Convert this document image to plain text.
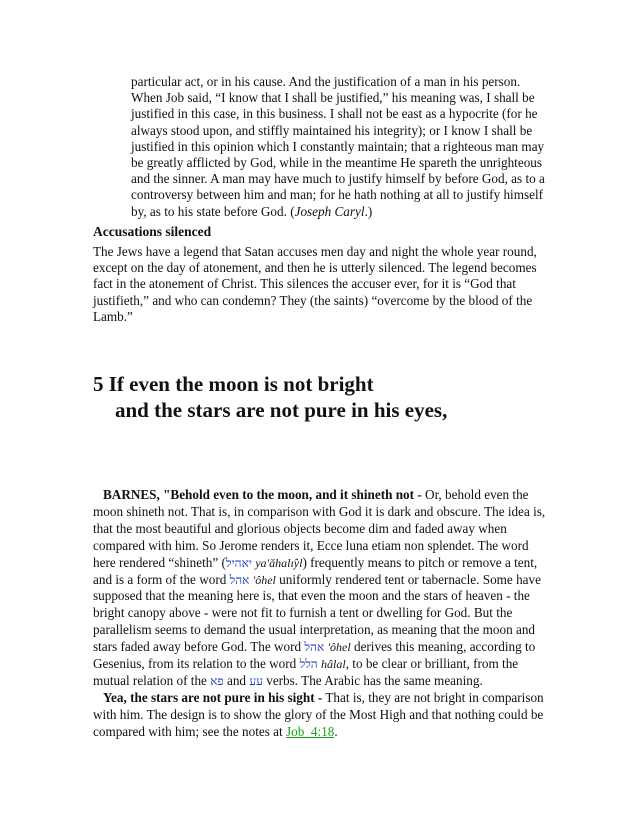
particular act, or in his cause. And the justification of a man in his person. When Job said, “I know that I shall be justified,” his meaning was, I shall be justified in this case, in this business. I shall not be east as a hypocrite (for he always stood upon, and stiffly maintained his integrity); or I know I shall be justified in this opinion which I constantly maintain; that a righteous man may be greatly afflicted by God, while in the meantime He spareth the unrighteous and the sinner. A man may have much to justify himself by before God, as to a controversy between him and man; for he hath nothing at all to justify himself by, as to his state before God. (Joseph Caryl.)
Accusations silenced
The Jews have a legend that Satan accuses men day and night the whole year round, except on the day of atonement, and then he is utterly silenced. The legend becomes fact in the atonement of Christ. This silences the accuser ever, for it is “God that justifieth,” and who can condemn? They (the saints) “overcome by the blood of the Lamb.”
5 If even the moon is not bright
and the stars are not pure in his eyes,

BARNES, "Behold even to the moon, and it shineth not - Or, behold even the moon shineth not. That is, in comparison with God it is dark and obscure. The idea is, that the most beautiful and glorious objects become dim and faded away when compared with him. So Jerome renders it, Ecce luna etiam non splendet. The word here rendered “shineth” (יאהיל ya'ăhalı̂yl) frequently means to pitch or remove a tent, and is a form of the word אהל 'ôhel uniformly rendered tent or tabernacle. Some have supposed that the meaning here is, that even the moon and the stars of heaven - the bright canopy above - were not fit to furnish a tent or dwelling for God. But the parallelism seems to demand the usual interpretation, as meaning that the moon and stars faded away before God. The word אהל 'ôhel derives this meaning, according to Gesenius, from its relation to the word הלל hâlal, to be clear or brilliant, from the mutual relation of the פא and עע verbs. The Arabic has the same meaning.

Yea, the stars are not pure in his sight - That is, they are not bright in comparison with him. The design is to show the glory of the Most High and that nothing could be compared with him; see the notes at Job_4:18.
